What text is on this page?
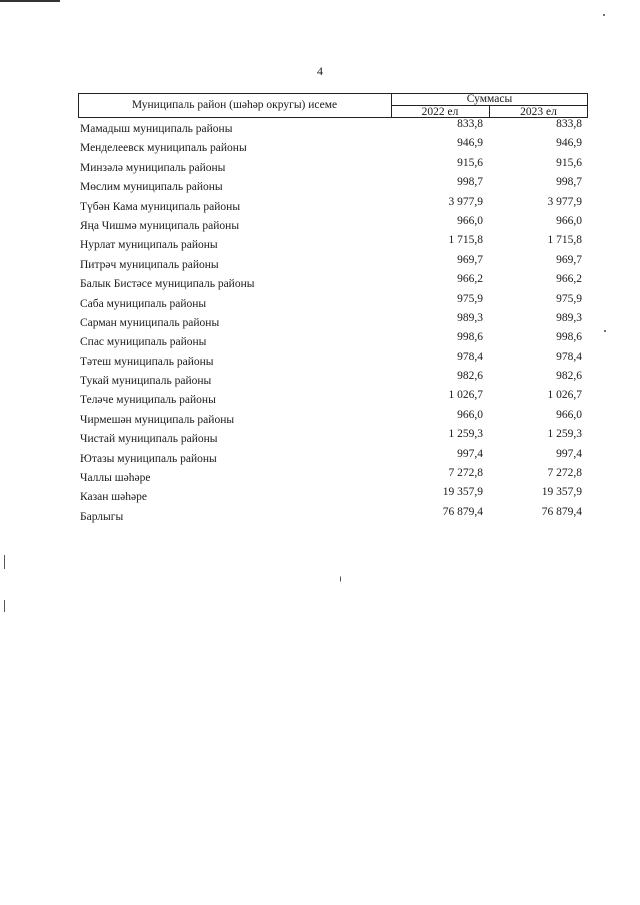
4
Муниципаль район (шәһәр округы) исеме	Суммасы
2022 ел	2023 ел
Мамадыш муниципаль районы	833,8	833,8
Менделеевск муниципаль районы	946,9	946,9
Минзәлә муниципаль районы	915,6	915,6
Мөслим муниципаль районы	998,7	998,7
Түбән Кама муниципаль районы	3 977,9	3 977,9
Яңа Чишмә муниципаль районы	966,0	966,0
Нурлат муниципаль районы	1 715,8	1 715,8
Питрәч муниципаль районы	969,7	969,7
Балык Бистәсе муниципаль районы	966,2	966,2
Саба муниципаль районы	975,9	975,9
Сарман муниципаль районы	989,3	989,3
Спас муниципаль районы	998,6	998,6
Тәтеш муниципаль районы	978,4	978,4
Тукай муниципаль районы	982,6	982,6
Теләче муниципаль районы	1 026,7	1 026,7
Чирмешән муниципаль районы	966,0	966,0
Чистай муниципаль районы	1 259,3	1 259,3
Ютазы муниципаль районы	997,4	997,4
Чаллы шәһәре	7 272,8	7 272,8
Казан шәһәре	19 357,9	19 357,9
Барлыгы	76 879,4	76 879,4
